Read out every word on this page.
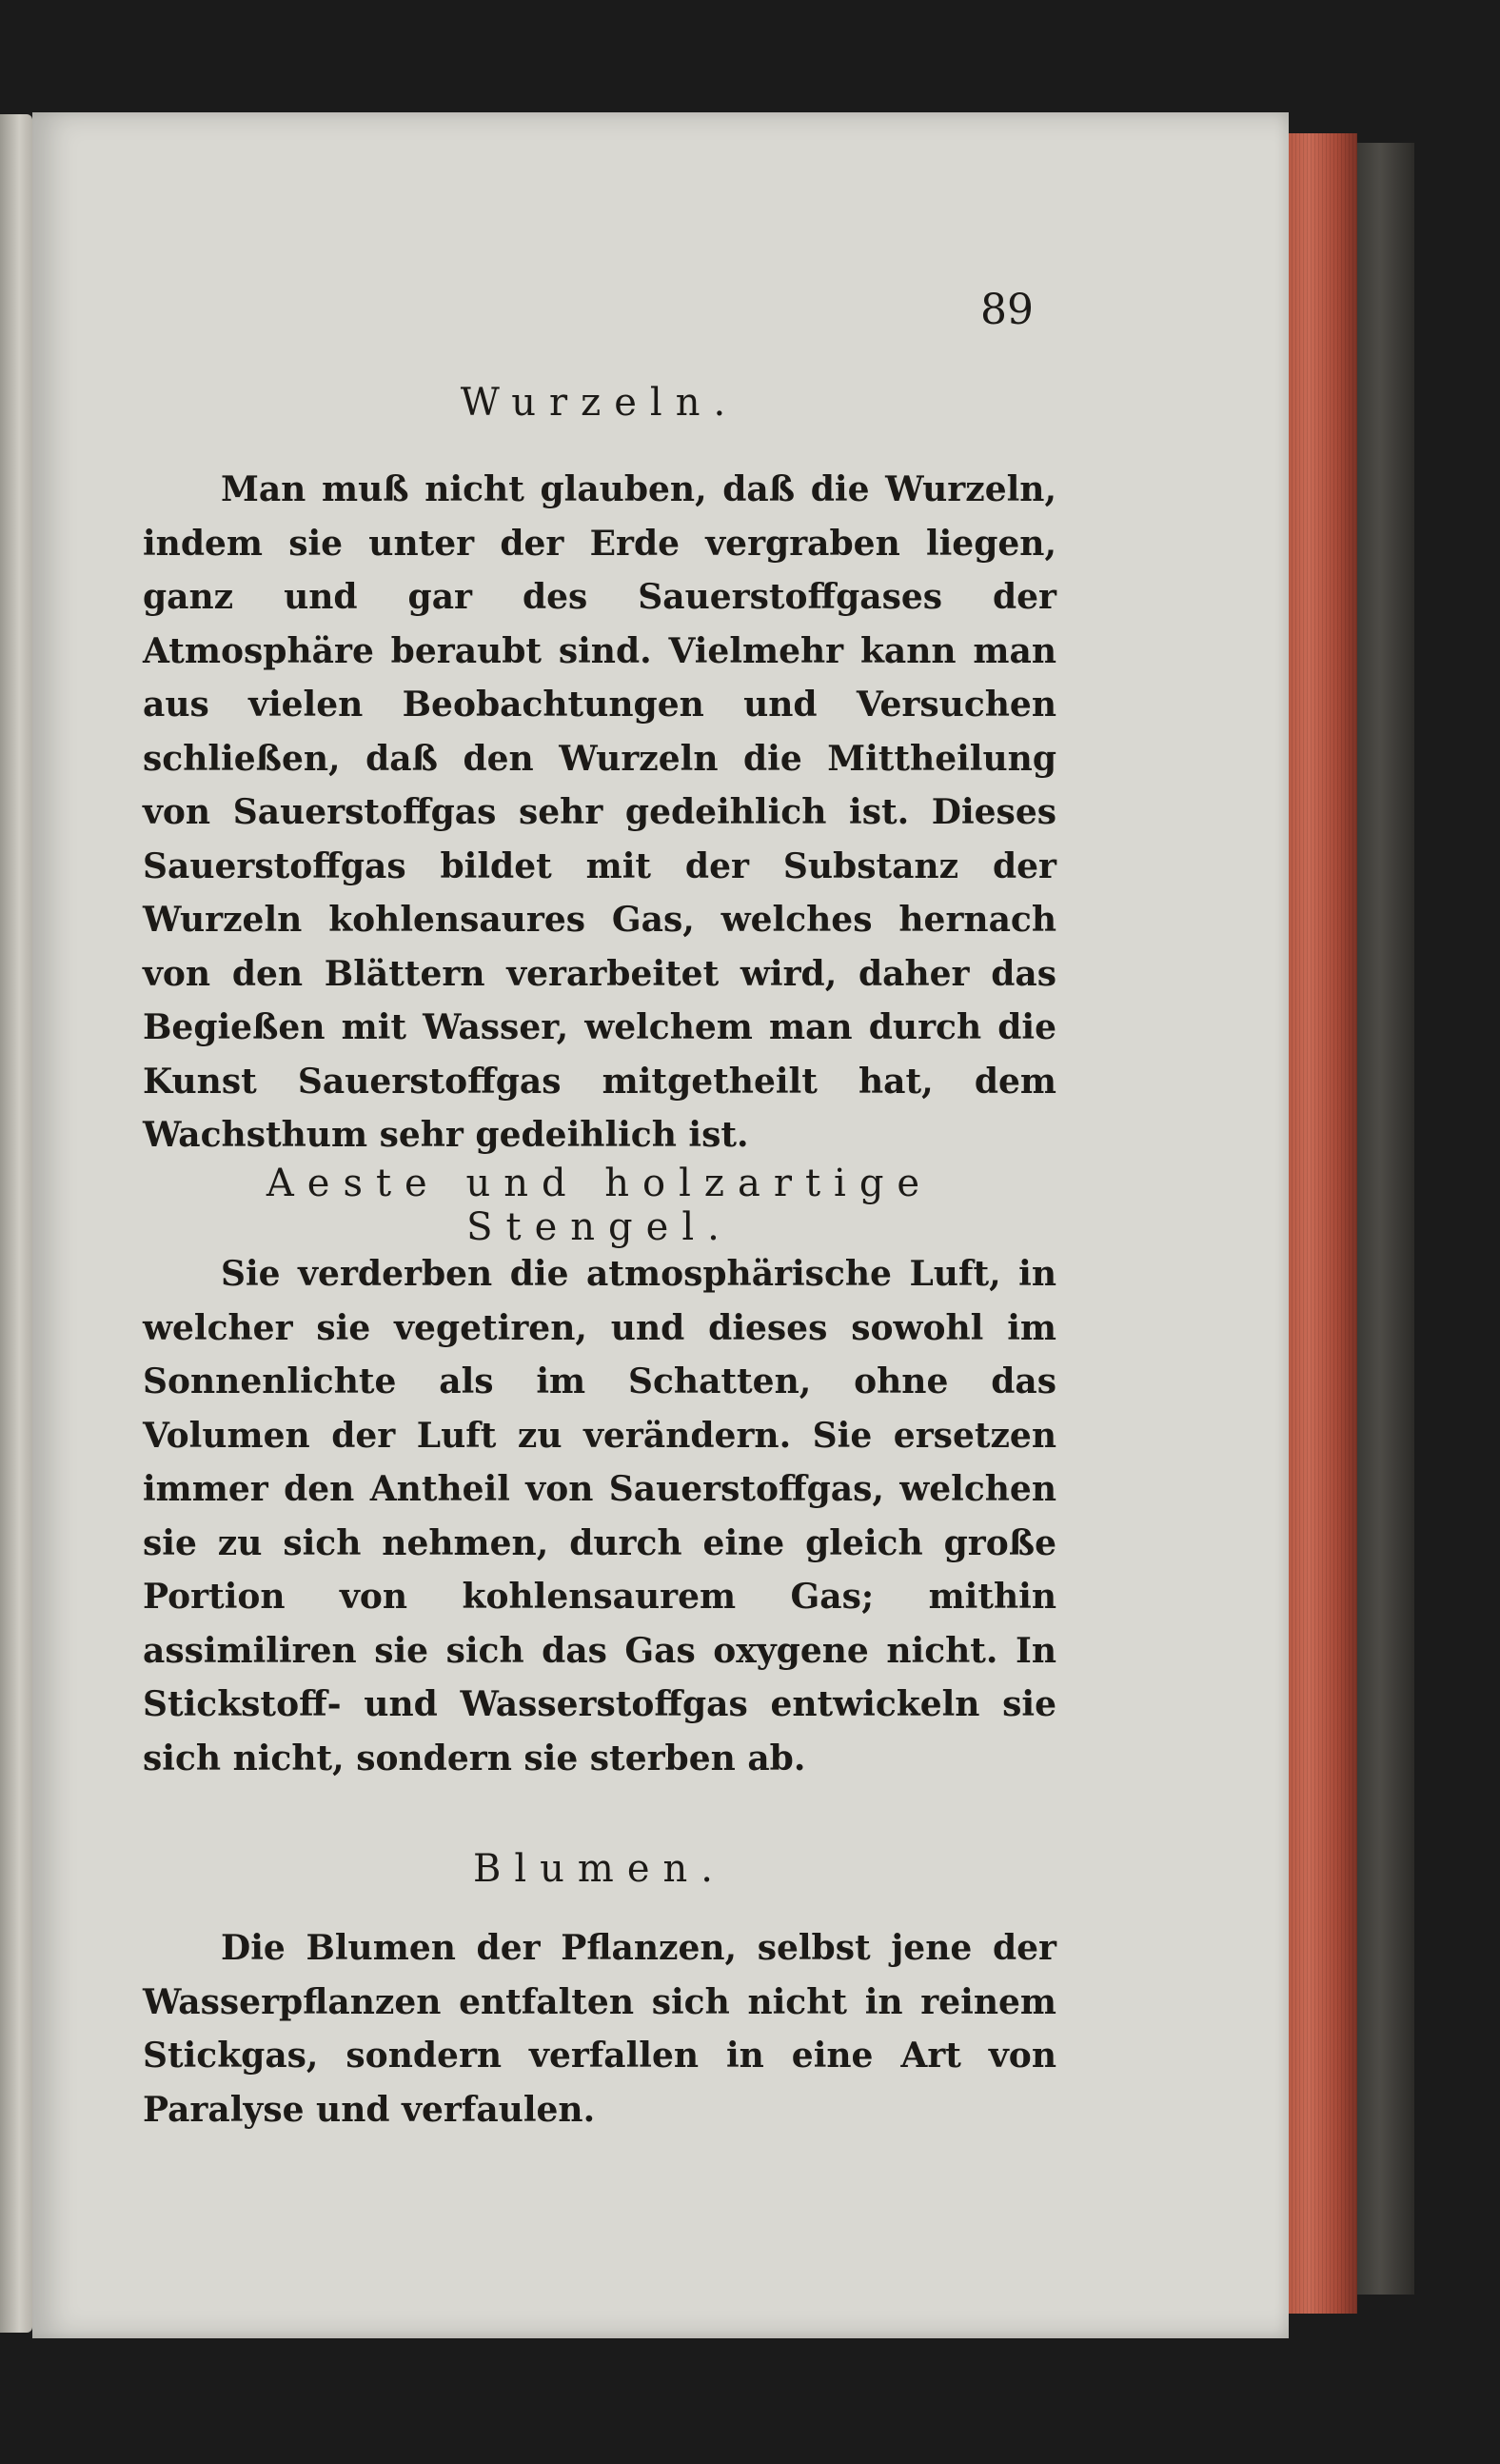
89
Wurzeln.

Man muß nicht glauben, daß die Wurzeln, indem sie unter der Erde vergraben liegen, ganz und gar des Sauerstoffgases der Atmosphäre beraubt sind. Vielmehr kann man aus vielen Beobachtungen und Versuchen schließen, daß den Wurzeln die Mittheilung von Sauerstoffgas sehr gedeihlich ist. Dieses Sauerstoffgas bildet mit der Substanz der Wurzeln kohlensaures Gas, welches hernach von den Blättern verarbeitet wird, daher das Begießen mit Wasser, welchem man durch die Kunst Sauerstoffgas mitgetheilt hat, dem Wachsthum sehr gedeihlich ist.

Aeste und holzartige Stengel.

Sie verderben die atmosphärische Luft, in welcher sie vegetiren, und dieses sowohl im Sonnenlichte als im Schatten, ohne das Volumen der Luft zu verändern. Sie ersetzen immer den Antheil von Sauerstoffgas, welchen sie zu sich nehmen, durch eine gleich große Portion von kohlensaurem Gas; mithin assimiliren sie sich das Gas oxygene nicht. In Stickstoff- und Wasserstoffgas entwickeln sie sich nicht, sondern sie sterben ab.

Blumen.

Die Blumen der Pflanzen, selbst jene der Wasserpflanzen entfalten sich nicht in reinem Stickgas, sondern verfallen in eine Art von Paralyse und verfaulen.
